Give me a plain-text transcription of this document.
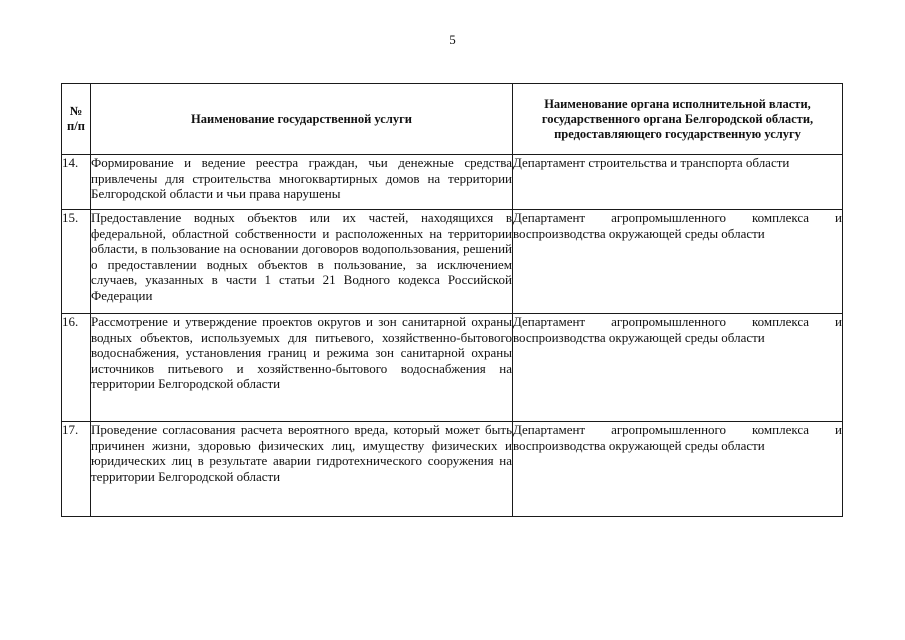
5
№
п/п	Наименование государственной услуги	Наименование органа исполнительной власти, государственного органа Белгородской области, предоставляющего государственную услугу
14.	Формирование и ведение реестра граждан, чьи денежные средства привлечены для строительства многоквартирных домов на территории Белгородской области и чьи права нарушены	Департамент строительства и транспорта области
15.	Предоставление водных объектов или их частей, находящихся в федеральной, областной собственности и расположенных на территории области, в пользование на основании договоров водопользования, решений о предоставлении водных объектов в пользование, за исключением случаев, указанных в части 1 статьи 21 Водного кодекса Российской Федерации	Департамент агропромышленного комплекса и воспроизводства окружающей среды области
16.	Рассмотрение и утверждение проектов округов и зон санитарной охраны водных объектов, используемых для питьевого, хозяйственно-бытового водоснабжения, установления границ и режима зон санитарной охраны источников питьевого и хозяйственно-бытового водоснабжения на территории Белгородской области	Департамент агропромышленного комплекса и воспроизводства окружающей среды области
17.	Проведение согласования расчета вероятного вреда, который может быть причинен жизни, здоровью физических лиц, имуществу физических и юридических лиц в результате аварии гидротехнического сооружения на территории Белгородской области	Департамент агропромышленного комплекса и воспроизводства окружающей среды области
